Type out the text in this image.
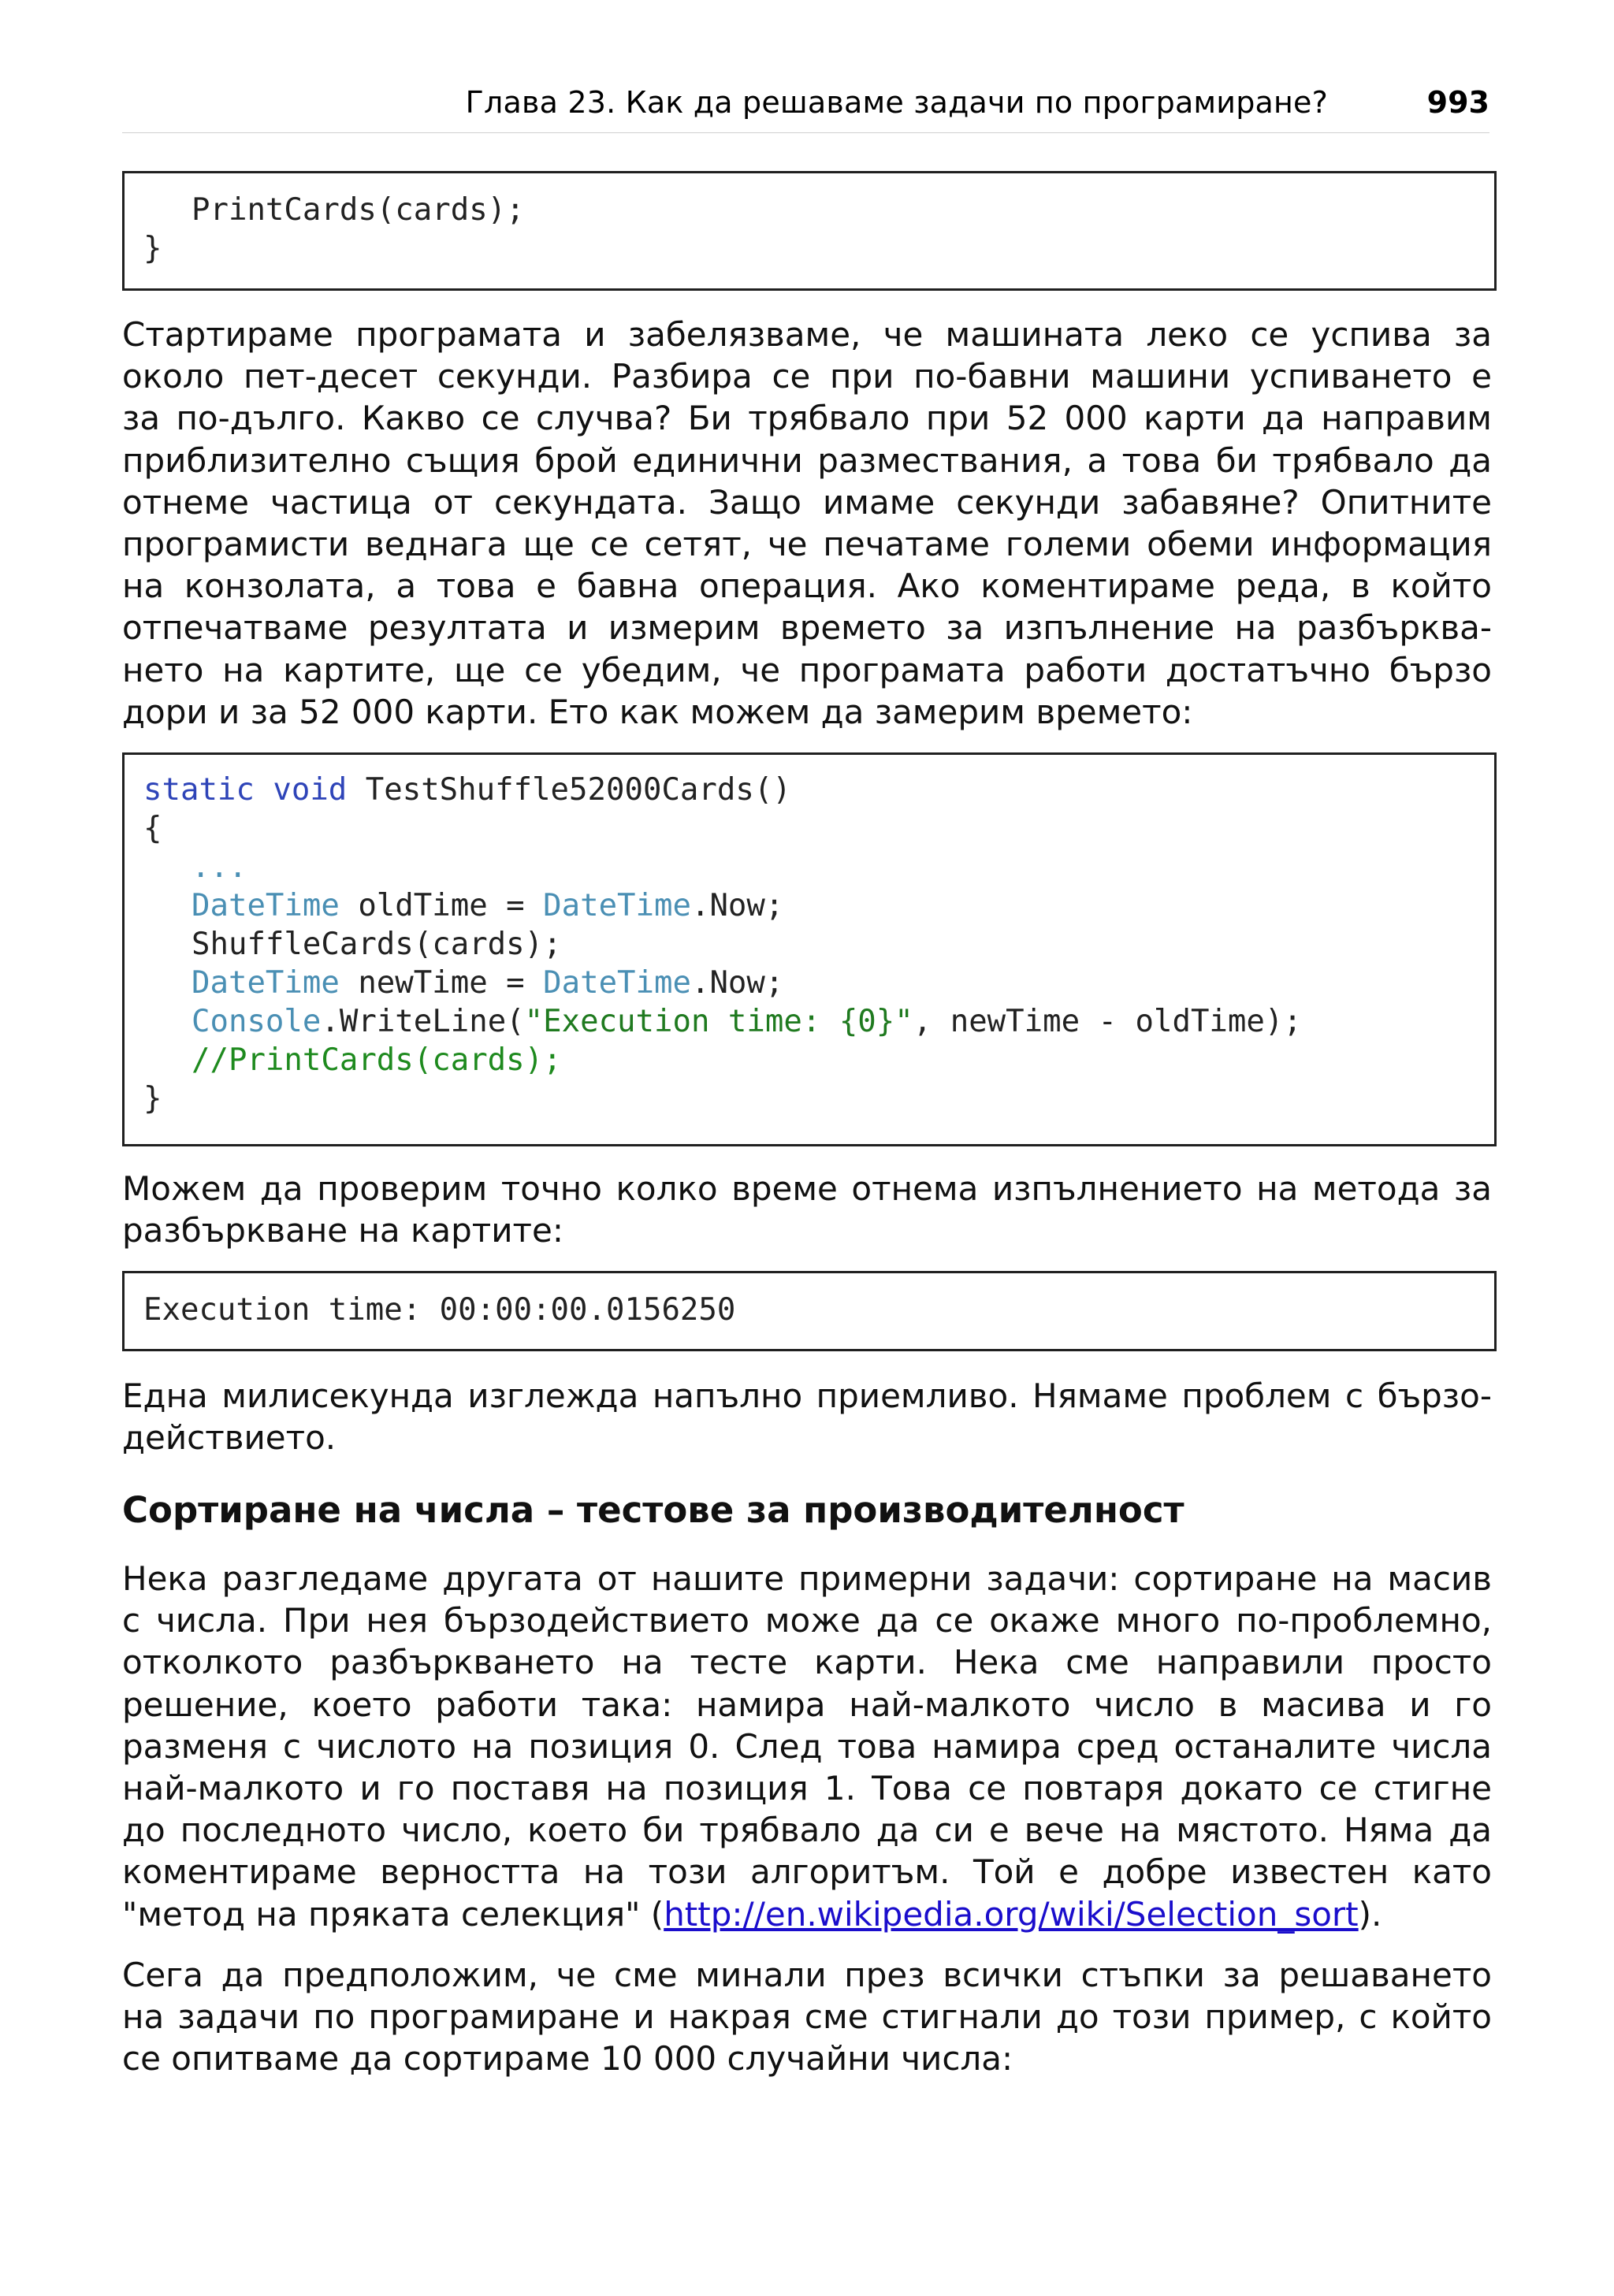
Глава 23. Как да решаваме задачи по програмиране?	993
PrintCards(cards);
}
Стартираме програмата и забелязваме, че машината леко се успива за
около пет-десет секунди. Разбира се при по-бавни машини успиването е
за по-дълго. Какво се случва? Би трябвало при 52 000 карти да направим
приблизително същия брой единични размествания, а това би трябвало да
отнеме частица от секундата. Защо имаме секунди забавяне? Опитните
програмисти веднага ще се сетят, че печатаме големи обеми информация
на конзолата, а това е бавна операция. Ако коментираме реда, в който
отпечатваме резултата и измерим времето за изпълнение на разбърква-
нето на картите, ще се убедим, че програмата работи достатъчно бързо
дори и за 52 000 карти. Ето как можем да замерим времето:
static void TestShuffle52000Cards()
{
...
DateTime oldTime = DateTime.Now;
ShuffleCards(cards);
DateTime newTime = DateTime.Now;
Console.WriteLine("Execution time: {0}", newTime - oldTime);
//PrintCards(cards);
}
Можем да проверим точно колко време отнема изпълнението на метода за
разбъркване на картите:
Execution time: 00:00:00.0156250
Една милисекунда изглежда напълно приемливо. Нямаме проблем с бързо-
действието.
Сортиране на числа – тестове за производителност
Нека разгледаме другата от нашите примерни задачи: сортиране на масив
с числа. При нея бързодействието може да се окаже много по-проблемно,
отколкото разбъркването на тесте карти. Нека сме направили просто
решение, което работи така: намира най-малкото число в масива и го
разменя с числото на позиция 0. След това намира сред останалите числа
най-малкото и го поставя на позиция 1. Това се повтаря докато се стигне
до последното число, което би трябвало да си е вече на мястото. Няма да
коментираме верността на този алгоритъм. Той е добре известен като
"метод на пряката селекция" (http://en.wikipedia.org/wiki/Selection_sort).
Сега да предположим, че сме минали през всички стъпки за решаването
на задачи по програмиране и накрая сме стигнали до този пример, с който
се опитваме да сортираме 10 000 случайни числа:
